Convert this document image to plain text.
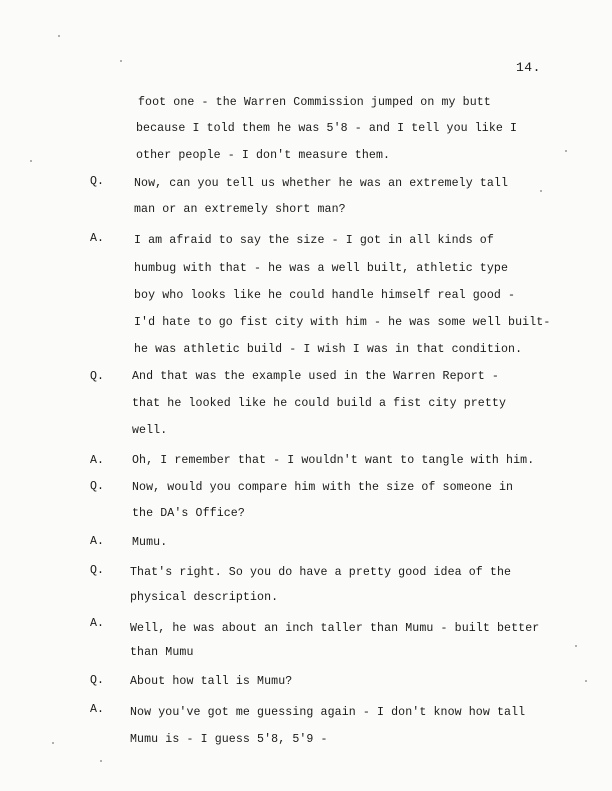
14.
foot one - the Warren Commission jumped on my butt
because I told them he was 5'8 - and I tell you like I
other people - I don't measure them.
Q.	Now, can you tell us whether he was an extremely tall
man or an extremely short man?
A.	I am afraid to say the size - I got in all kinds of
humbug with that - he was a well built, athletic type
boy who looks like he could handle himself real good -
I'd hate to go fist city with him - he was some well built-
he was athletic build - I wish I was in that condition.
Q. And that was the example used in the Warren Report -
that he looked like he could build a fist city pretty
well.
A. Oh, I remember that - I wouldn't want to tangle with him.
Q. Now, would you compare him with the size of someone in
the DA's Office?
A. Mumu.
Q. That's right. So you do have a pretty good idea of the
physical description.
A. Well, he was about an inch taller than Mumu - built better
than Mumu
Q. About how tall is Mumu?
A. Now you've got me guessing again - I don't know how tall
Mumu is - I guess 5'8, 5'9 -
